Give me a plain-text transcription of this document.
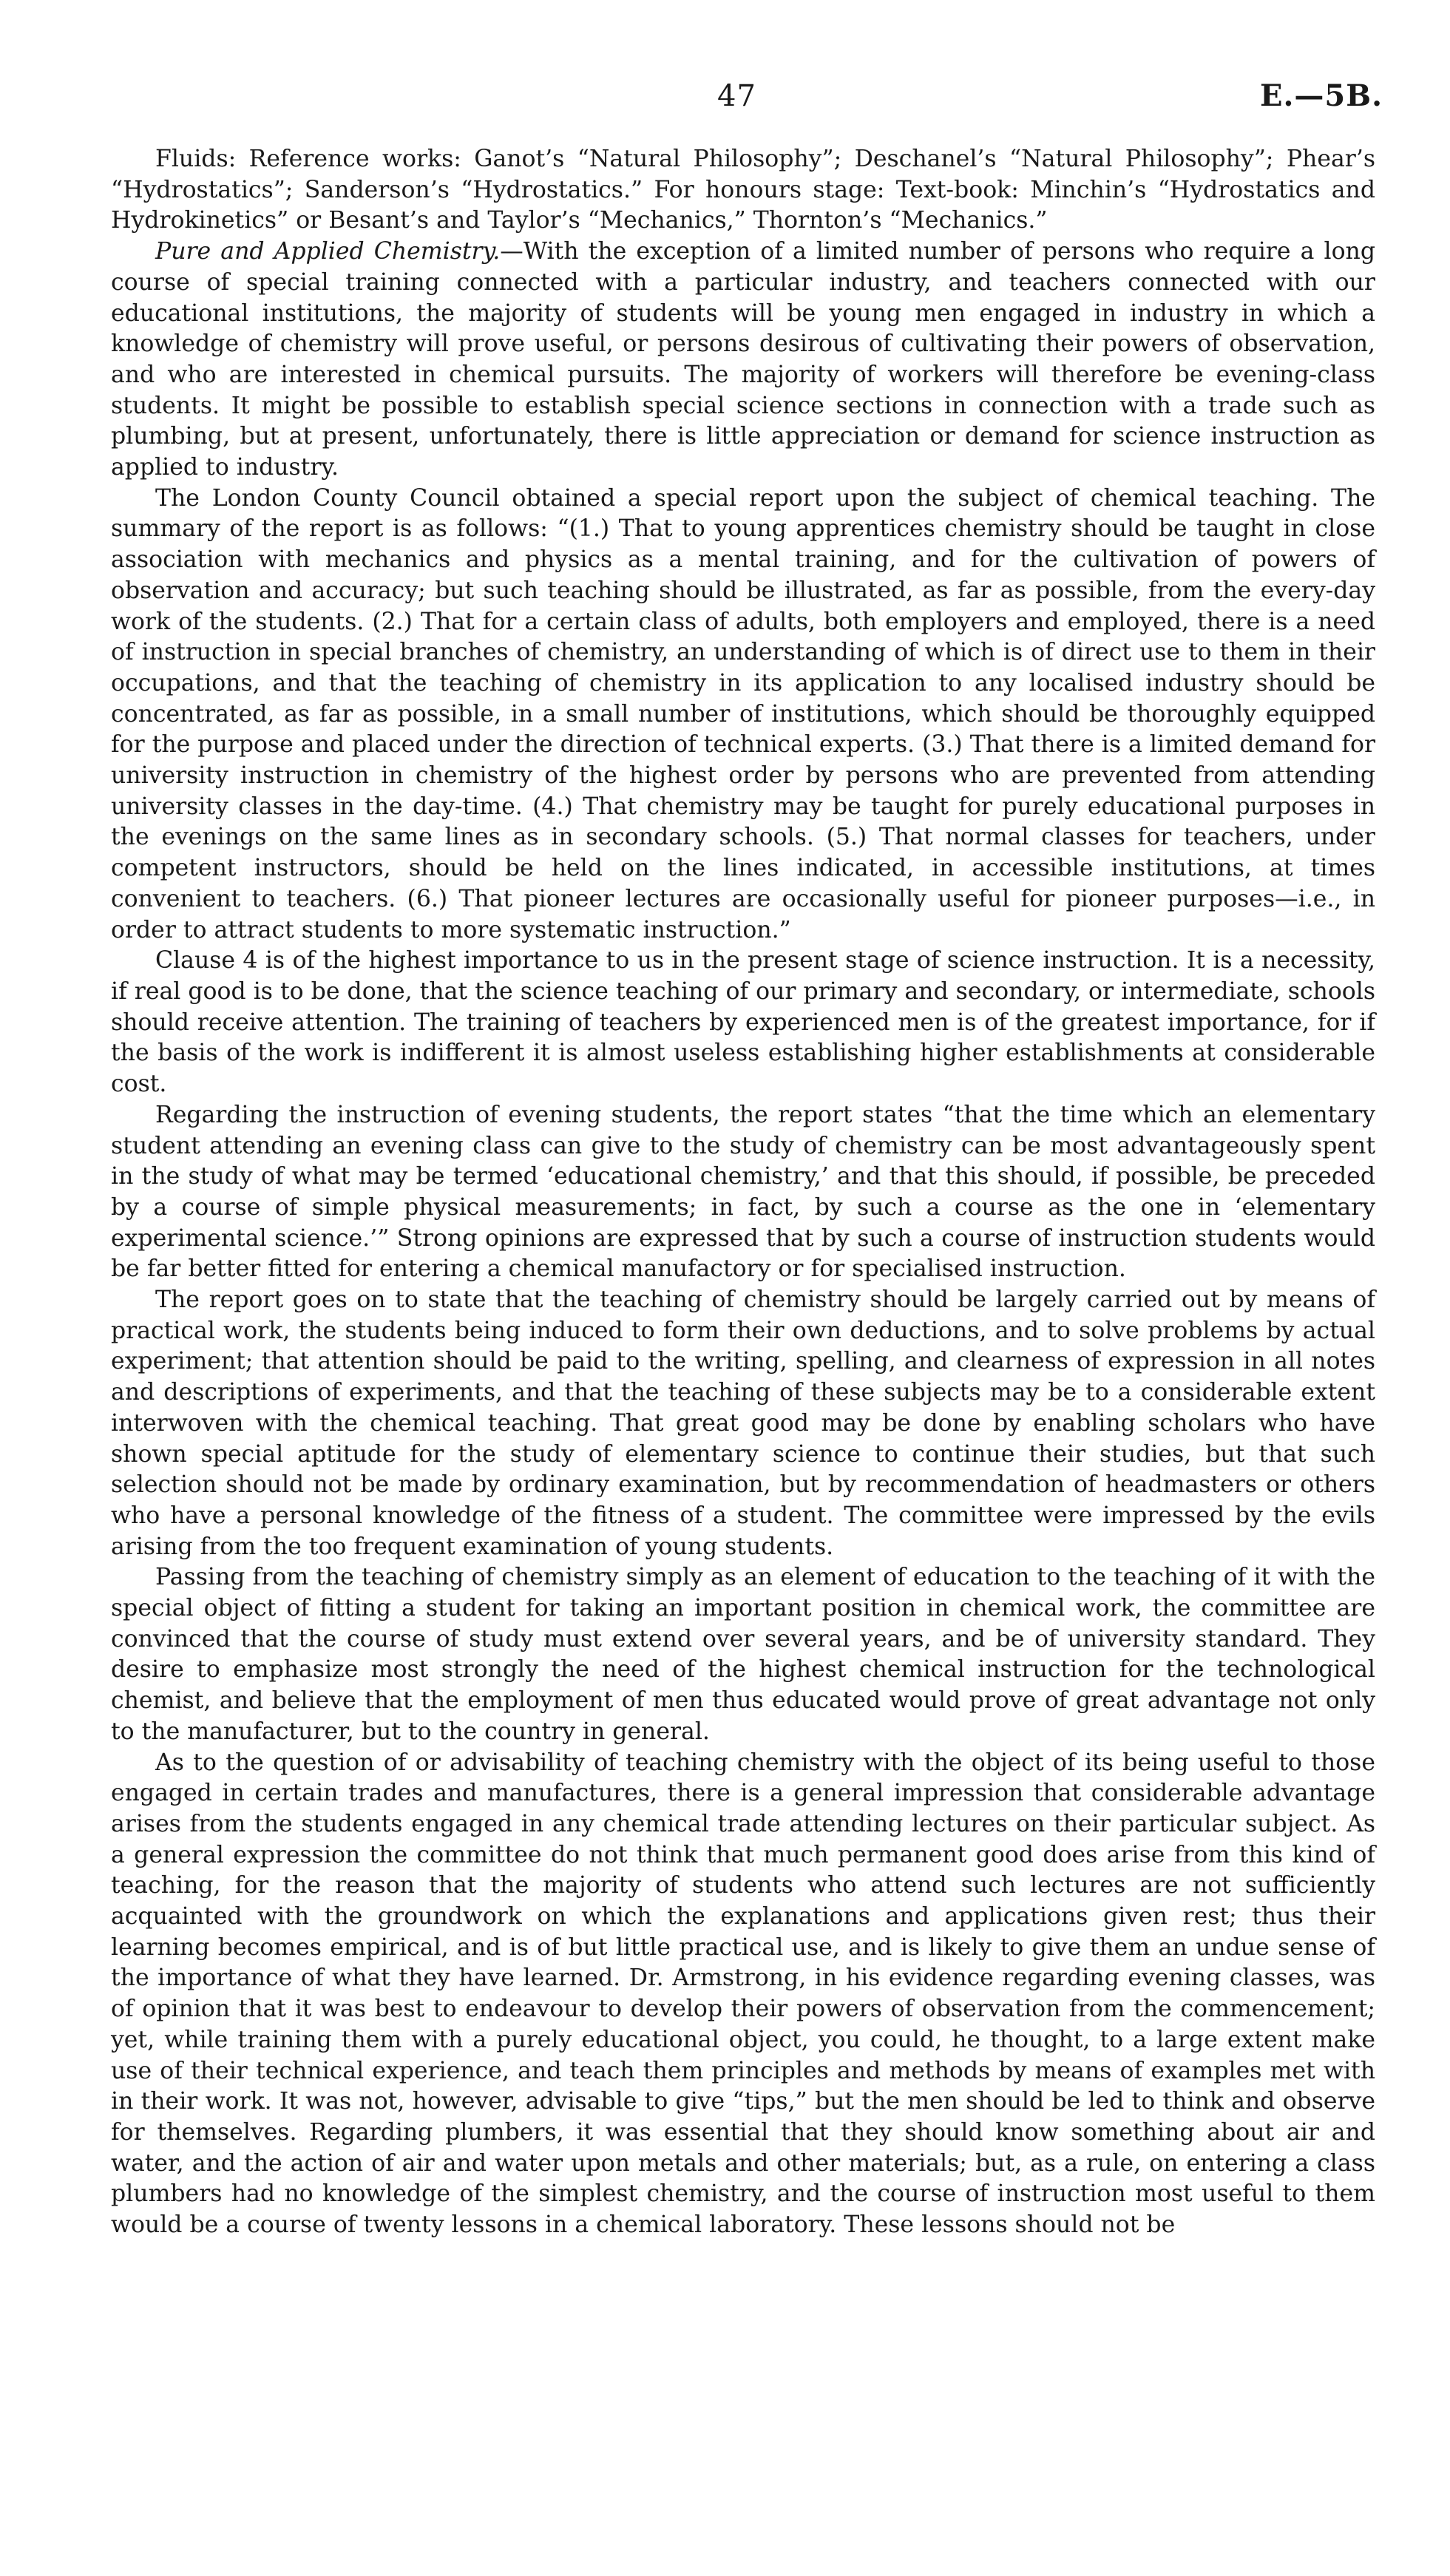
47	E.—5B.

Fluids: Reference works: Ganot’s “Natural Philosophy”; Deschanel’s “Natural Philosophy”; Phear’s “Hydrostatics”; Sanderson’s “Hydrostatics.” For honours stage: Text-book: Minchin’s “Hydrostatics and Hydrokinetics” or Besant’s and Taylor’s “Mechanics,” Thornton’s “Mechanics.”

Pure and Applied Chemistry.—With the exception of a limited number of persons who require a long course of special training connected with a particular industry, and teachers connected with our educational institutions, the majority of students will be young men engaged in industry in which a knowledge of chemistry will prove useful, or persons desirous of cultivating their powers of observation, and who are interested in chemical pursuits. The majority of workers will therefore be evening-class students. It might be possible to establish special science sections in connection with a trade such as plumbing, but at present, unfortunately, there is little appreciation or demand for science instruction as applied to industry.

The London County Council obtained a special report upon the subject of chemical teaching. The summary of the report is as follows: “(1.) That to young apprentices chemistry should be taught in close association with mechanics and physics as a mental training, and for the cultivation of powers of observation and accuracy; but such teaching should be illustrated, as far as possible, from the every-day work of the students. (2.) That for a certain class of adults, both employers and employed, there is a need of instruction in special branches of chemistry, an understanding of which is of direct use to them in their occupations, and that the teaching of chemistry in its application to any localised industry should be concentrated, as far as possible, in a small number of institutions, which should be thoroughly equipped for the purpose and placed under the direction of technical experts. (3.) That there is a limited demand for university instruction in chemistry of the highest order by persons who are prevented from attending university classes in the day-time. (4.) That chemistry may be taught for purely educational purposes in the evenings on the same lines as in secondary schools. (5.) That normal classes for teachers, under competent instructors, should be held on the lines indicated, in accessible institutions, at times convenient to teachers. (6.) That pioneer lectures are occasionally useful for pioneer purposes—i.e., in order to attract students to more systematic instruction.”

Clause 4 is of the highest importance to us in the present stage of science instruction. It is a necessity, if real good is to be done, that the science teaching of our primary and secondary, or intermediate, schools should receive attention. The training of teachers by experienced men is of the greatest importance, for if the basis of the work is indifferent it is almost useless establishing higher establishments at considerable cost.

Regarding the instruction of evening students, the report states “that the time which an elementary student attending an evening class can give to the study of chemistry can be most advantageously spent in the study of what may be termed ‘educational chemistry,’ and that this should, if possible, be preceded by a course of simple physical measurements; in fact, by such a course as the one in ‘elementary experimental science.’” Strong opinions are expressed that by such a course of instruction students would be far better fitted for entering a chemical manufactory or for specialised instruction.

The report goes on to state that the teaching of chemistry should be largely carried out by means of practical work, the students being induced to form their own deductions, and to solve problems by actual experiment; that attention should be paid to the writing, spelling, and clearness of expression in all notes and descriptions of experiments, and that the teaching of these subjects may be to a considerable extent interwoven with the chemical teaching. That great good may be done by enabling scholars who have shown special aptitude for the study of elementary science to continue their studies, but that such selection should not be made by ordinary examination, but by recommendation of headmasters or others who have a personal knowledge of the fitness of a student. The committee were impressed by the evils arising from the too frequent examination of young students.

Passing from the teaching of chemistry simply as an element of education to the teaching of it with the special object of fitting a student for taking an important position in chemical work, the committee are convinced that the course of study must extend over several years, and be of university standard. They desire to emphasize most strongly the need of the highest chemical instruction for the technological chemist, and believe that the employment of men thus educated would prove of great advantage not only to the manufacturer, but to the country in general.

As to the question of or advisability of teaching chemistry with the object of its being useful to those engaged in certain trades and manufactures, there is a general impression that considerable advantage arises from the students engaged in any chemical trade attending lectures on their particular subject. As a general expression the committee do not think that much permanent good does arise from this kind of teaching, for the reason that the majority of students who attend such lectures are not sufficiently acquainted with the groundwork on which the explanations and applications given rest; thus their learning becomes empirical, and is of but little practical use, and is likely to give them an undue sense of the importance of what they have learned. Dr. Armstrong, in his evidence regarding evening classes, was of opinion that it was best to endeavour to develop their powers of observation from the commencement; yet, while training them with a purely educational object, you could, he thought, to a large extent make use of their technical experience, and teach them principles and methods by means of examples met with in their work. It was not, however, advisable to give “tips,” but the men should be led to think and observe for themselves. Regarding plumbers, it was essential that they should know something about air and water, and the action of air and water upon metals and other materials; but, as a rule, on entering a class plumbers had no knowledge of the simplest chemistry, and the course of instruction most useful to them would be a course of twenty lessons in a chemical laboratory. These lessons should not be
